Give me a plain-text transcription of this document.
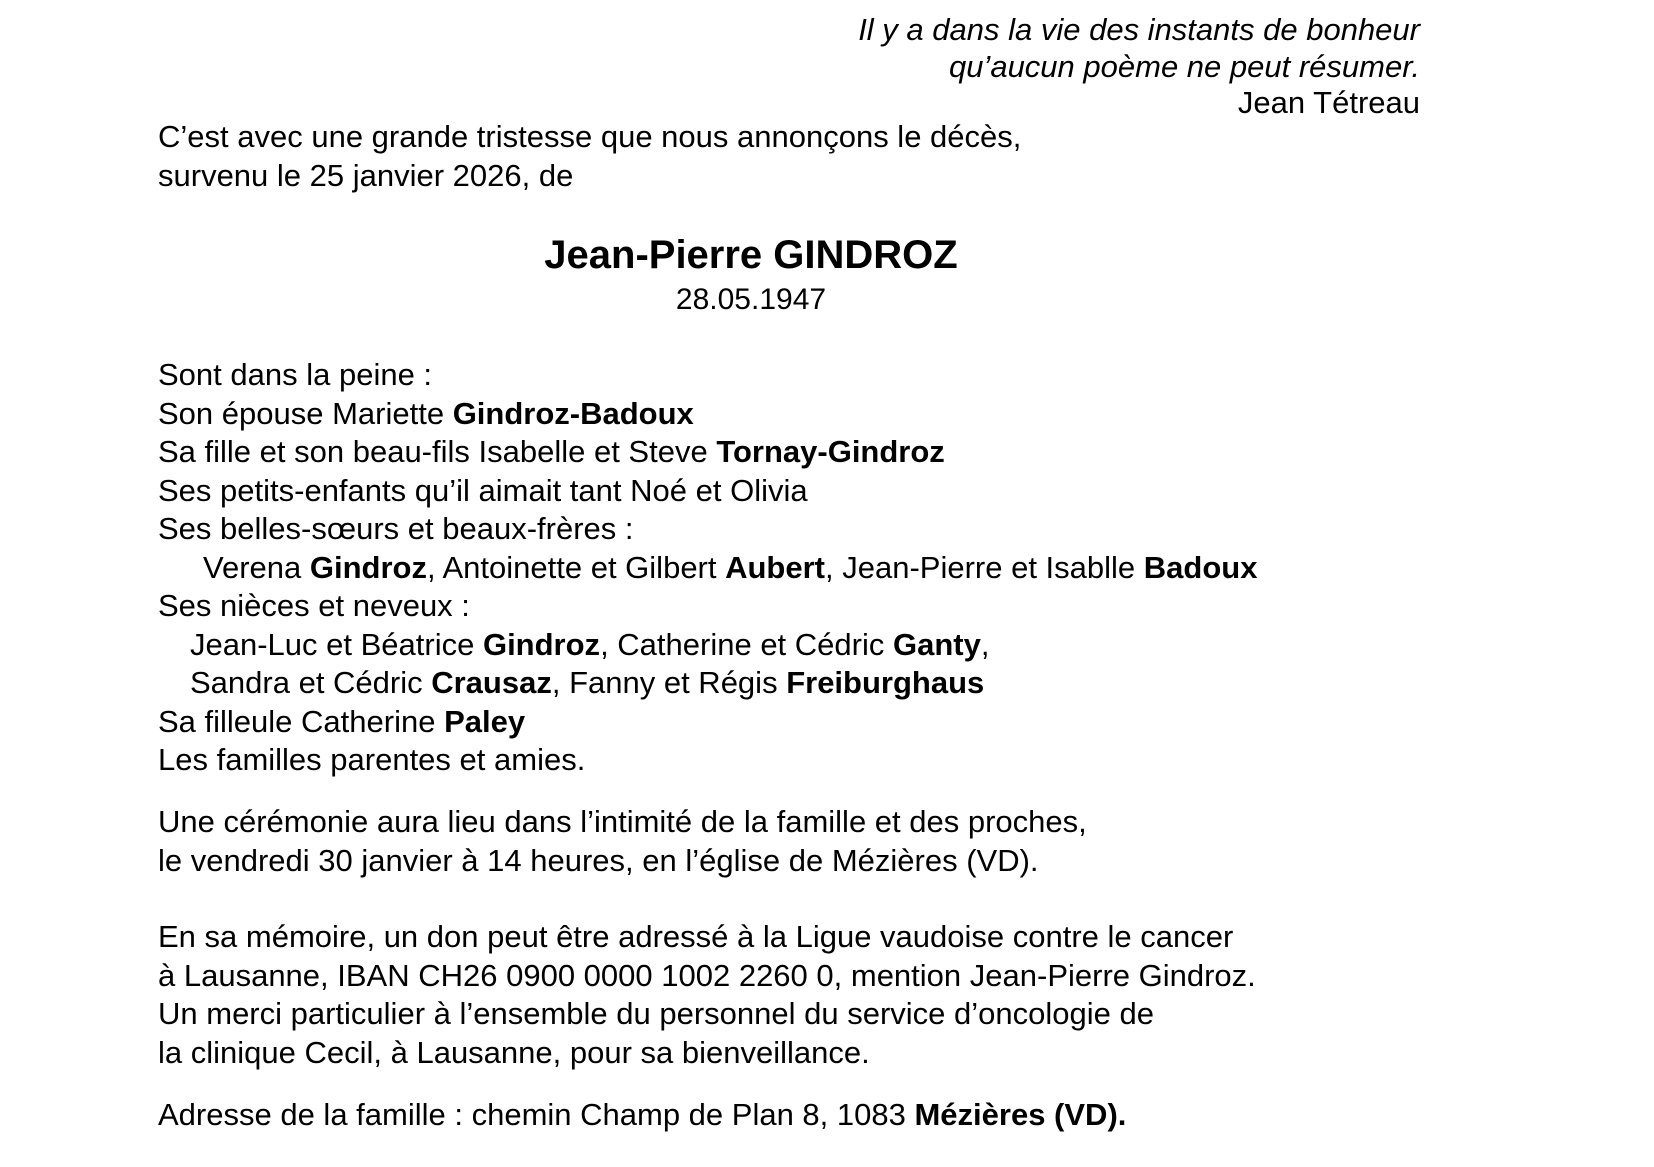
Il y a dans la vie des instants de bonheur
qu’aucun poème ne peut résumer.
Jean Tétreau
C’est avec une grande tristesse que nous annonçons le décès,
survenu le 25 janvier 2026, de
Jean-Pierre GINDROZ
28.05.1947
Sont dans la peine :
Son épouse Mariette Gindroz-Badoux
Sa fille et son beau-fils Isabelle et Steve Tornay-Gindroz
Ses petits-enfants qu’il aimait tant Noé et Olivia
Ses belles-sœurs et beaux-frères :
Verena Gindroz, Antoinette et Gilbert Aubert, Jean-Pierre et Isablle Badoux
Ses nièces et neveux :
Jean-Luc et Béatrice Gindroz, Catherine et Cédric Ganty,
Sandra et Cédric Crausaz, Fanny et Régis Freiburghaus
Sa filleule Catherine Paley
Les familles parentes et amies.
Une cérémonie aura lieu dans l’intimité de la famille et des proches,
le vendredi 30 janvier à 14 heures, en l’église de Mézières (VD).
En sa mémoire, un don peut être adressé à la Ligue vaudoise contre le cancer
à Lausanne, IBAN CH26 0900 0000 1002 2260 0, mention Jean-Pierre Gindroz.
Un merci particulier à l’ensemble du personnel du service d’oncologie de
la clinique Cecil, à Lausanne, pour sa bienveillance.
Adresse de la famille : chemin Champ de Plan 8, 1083 Mézières (VD).
